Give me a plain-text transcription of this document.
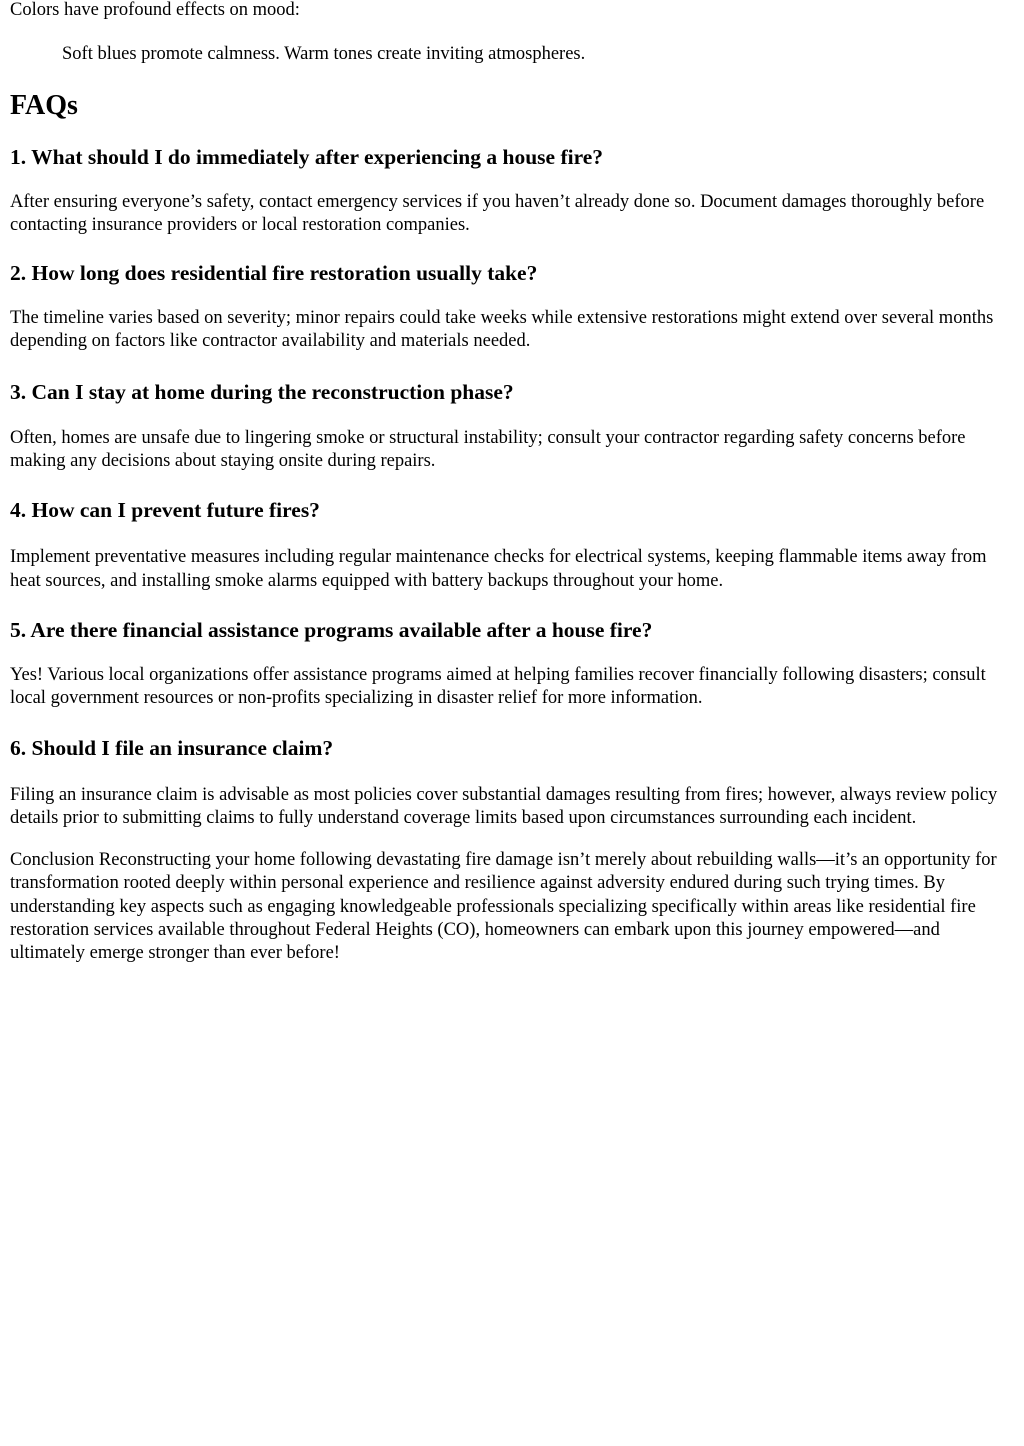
Colors have profound effects on mood:

Soft blues promote calmness. Warm tones create inviting atmospheres.

FAQs
1. What should I do immediately after experiencing a house fire?

After ensuring everyone’s safety, contact emergency services if you haven’t already done so. Document damages thoroughly before contacting insurance providers or local restoration companies.

2. How long does residential fire restoration usually take?

The timeline varies based on severity; minor repairs could take weeks while extensive restorations might extend over several months depending on factors like contractor availability and materials needed.

3. Can I stay at home during the reconstruction phase?

Often, homes are unsafe due to lingering smoke or structural instability; consult your contractor regarding safety concerns before making any decisions about staying onsite during repairs.

4. How can I prevent future fires?

Implement preventative measures including regular maintenance checks for electrical systems, keeping flammable items away from heat sources, and installing smoke alarms equipped with battery backups throughout your home.

5. Are there financial assistance programs available after a house fire?

Yes! Various local organizations offer assistance programs aimed at helping families recover financially following disasters; consult local government resources or non-profits specializing in disaster relief for more information.

6. Should I file an insurance claim?

Filing an insurance claim is advisable as most policies cover substantial damages resulting from fires; however, always review policy details prior to submitting claims to fully understand coverage limits based upon circumstances surrounding each incident.

Conclusion Reconstructing your home following devastating fire damage isn’t merely about rebuilding walls—it’s an opportunity for transformation rooted deeply within personal experience and resilience against adversity endured during such trying times. By understanding key aspects such as engaging knowledgeable professionals specializing specifically within areas like residential fire restoration services available throughout Federal Heights (CO), homeowners can embark upon this journey empowered—and ultimately emerge stronger than ever before!
